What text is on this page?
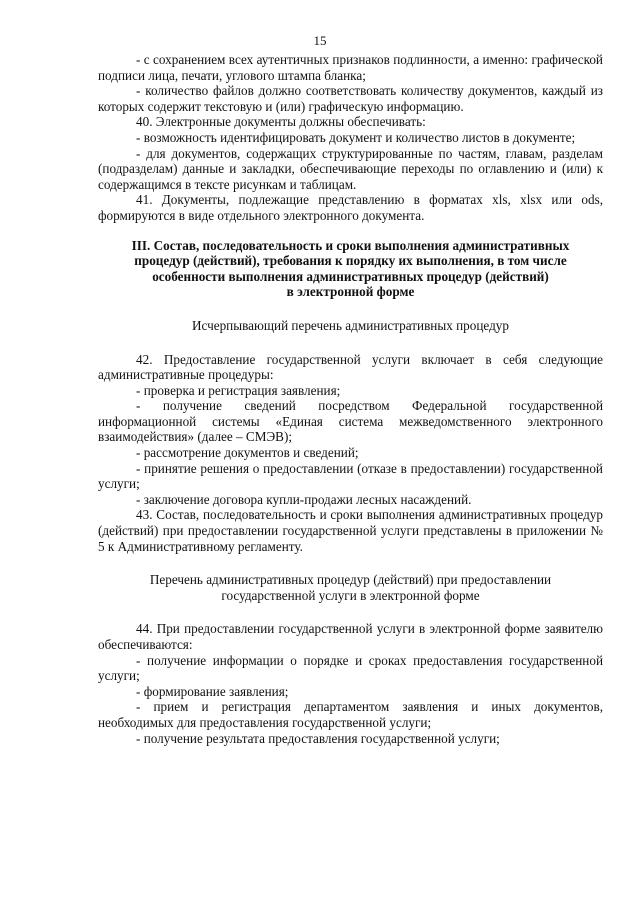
15

- с сохранением всех аутентичных признаков подлинности, а именно: графической подписи лица, печати, углового штампа бланка;

- количество файлов должно соответствовать количеству документов, каждый из которых содержит текстовую и (или) графическую информацию.

40. Электронные документы должны обеспечивать:

- возможность идентифицировать документ и количество листов в документе;

- для документов, содержащих структурированные по частям, главам, разделам (подразделам) данные и закладки, обеспечивающие переходы по оглавлению и (или) к содержащимся в тексте рисункам и таблицам.

41. Документы, подлежащие представлению в форматах xls, xlsx или ods, формируются в виде отдельного электронного документа.

III. Состав, последовательность и сроки выполнения административных

процедур (действий), требования к порядку их выполнения, в том числе

особенности выполнения административных процедур (действий)

в электронной форме

Исчерпывающий перечень административных процедур

42. Предоставление государственной услуги включает в себя следующие административные процедуры:

- проверка и регистрация заявления;

- получение сведений посредством Федеральной государственной информационной системы «Единая система межведомственного электронного взаимодействия» (далее – СМЭВ);

- рассмотрение документов и сведений;

- принятие решения о предоставлении (отказе в предоставлении) государственной услуги;

- заключение договора купли-продажи лесных насаждений.

43. Состав, последовательность и сроки выполнения административных процедур (действий) при предоставлении государственной услуги представлены в приложении № 5 к Административному регламенту.

Перечень административных процедур (действий) при предоставлении

государственной услуги в электронной форме

44. При предоставлении государственной услуги в электронной форме заявителю обеспечиваются:

- получение информации о порядке и сроках предоставления государственной услуги;

- формирование заявления;

- прием и регистрация департаментом заявления и иных документов, необходимых для предоставления государственной услуги;

- получение результата предоставления государственной услуги;
